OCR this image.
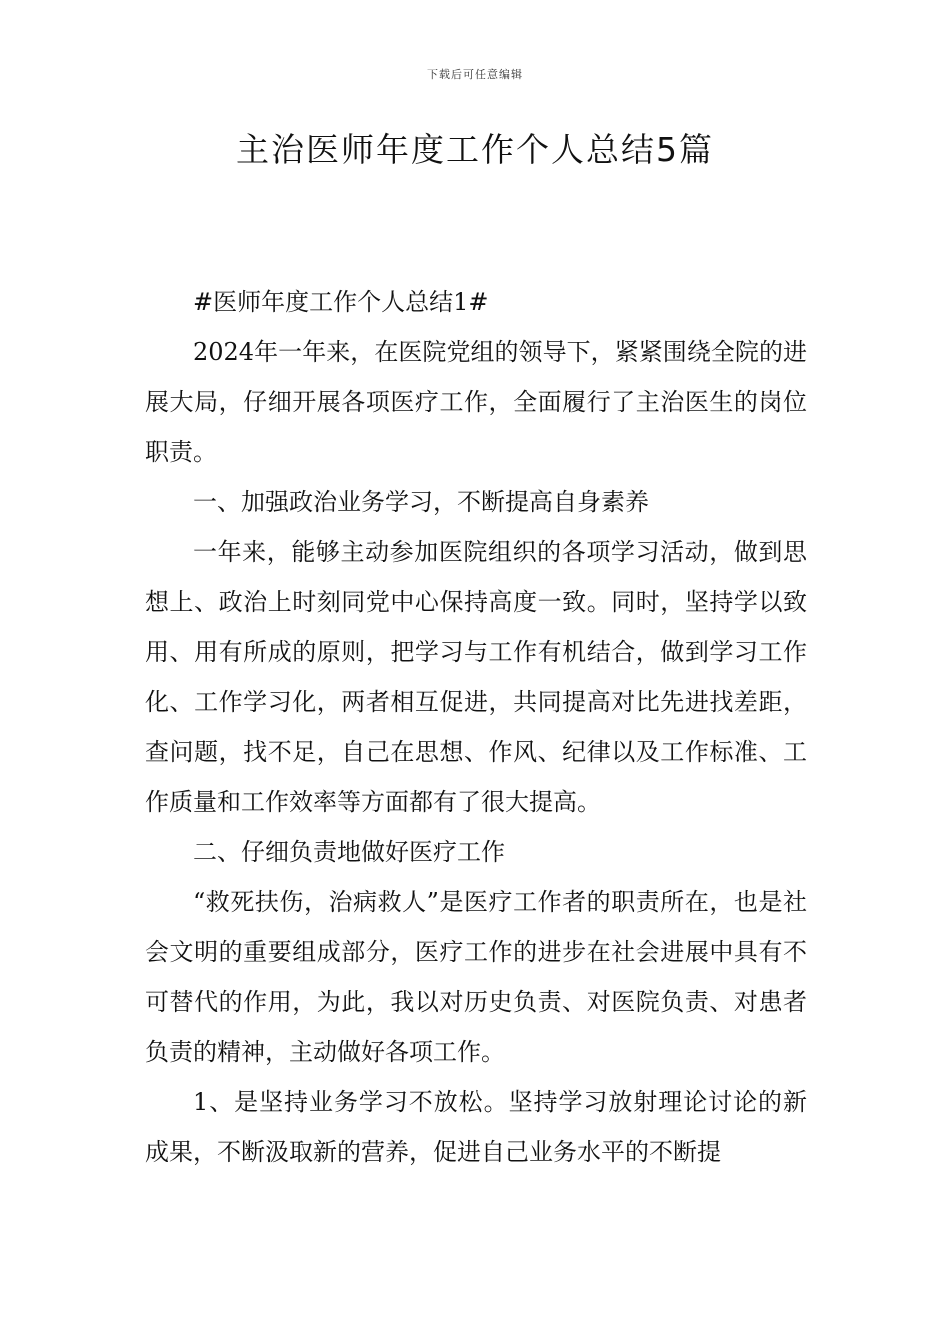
下载后可任意编辑
主治医师年度工作个人总结5篇

#医师年度工作个人总结1#

2024年一年来，在医院党组的领导下，紧紧围绕全院的进展大局，仔细开展各项医疗工作，全面履行了主治医生的岗位职责。

一、加强政治业务学习，不断提高自身素养

一年来，能够主动参加医院组织的各项学习活动，做到思想上、政治上时刻同党中心保持高度一致。同时，坚持学以致用、用有所成的原则，把学习与工作有机结合，做到学习工作化、工作学习化，两者相互促进，共同提高对比先进找差距，查问题，找不足，自己在思想、作风、纪律以及工作标准、工作质量和工作效率等方面都有了很大提高。

二、仔细负责地做好医疗工作

“救死扶伤，治病救人”是医疗工作者的职责所在，也是社会文明的重要组成部分，医疗工作的进步在社会进展中具有不可替代的作用，为此，我以对历史负责、对医院负责、对患者负责的精神，主动做好各项工作。

1、是坚持业务学习不放松。坚持学习放射理论讨论的新成果，不断汲取新的营养，促进自己业务水平的不断提
